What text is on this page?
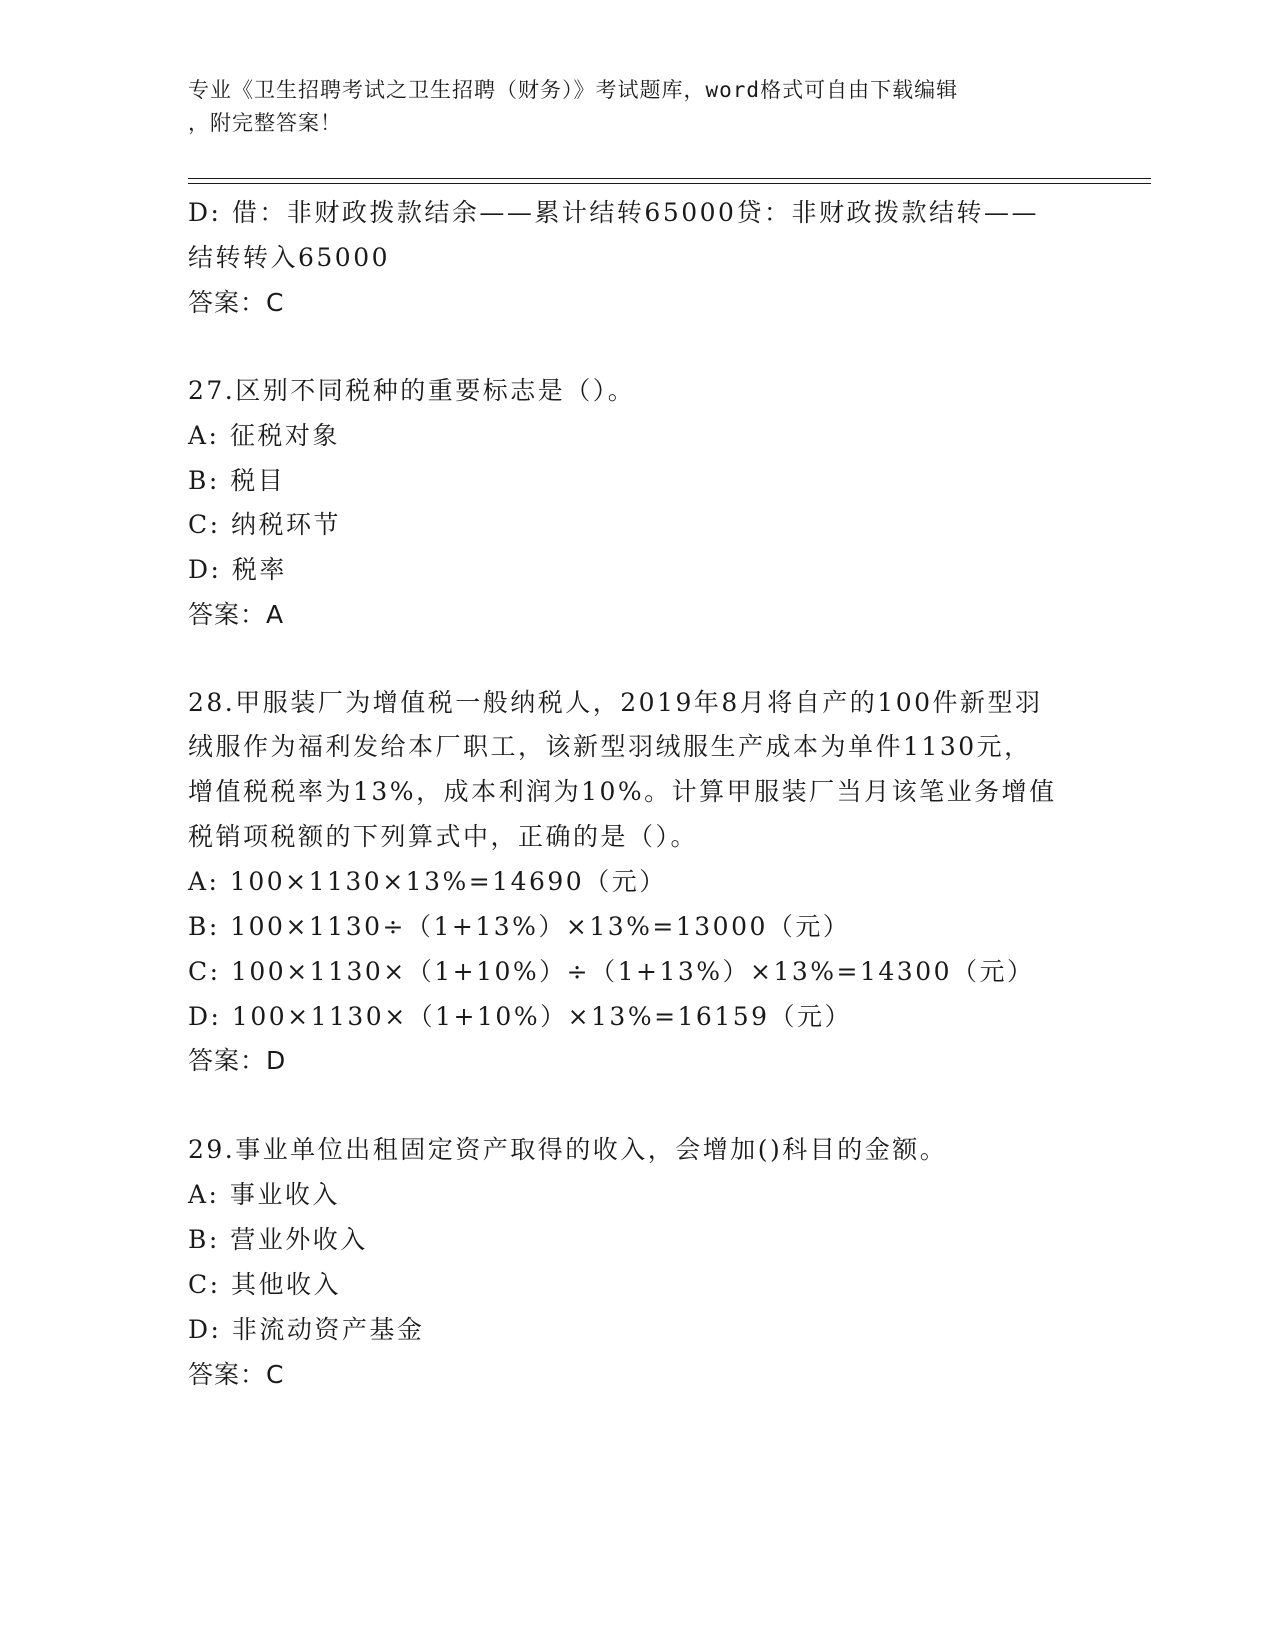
专业《卫生招聘考试之卫生招聘（财务）》考试题库，word格式可自由下载编辑
，附完整答案！
D: 借：非财政拨款结余——累计结转65000贷：非财政拨款结转——
结转转入65000
答案：C
27.区别不同税种的重要标志是（）。
A: 征税对象
B: 税目
C: 纳税环节
D: 税率
答案：A
28.甲服装厂为增值税一般纳税人，2019年8月将自产的100件新型羽
绒服作为福利发给本厂职工，该新型羽绒服生产成本为单件1130元，
增值税税率为13%，成本利润为10%。计算甲服装厂当月该笔业务增值
税销项税额的下列算式中，正确的是（）。
A: 100×1130×13%=14690（元）
B: 100×1130÷（1+13%）×13%=13000（元）
C: 100×1130×（1+10%）÷（1+13%）×13%=14300（元）
D: 100×1130×（1+10%）×13%=16159（元）
答案：D
29.事业单位出租固定资产取得的收入，会增加()科目的金额。
A: 事业收入
B: 营业外收入
C: 其他收入
D: 非流动资产基金
答案：C
